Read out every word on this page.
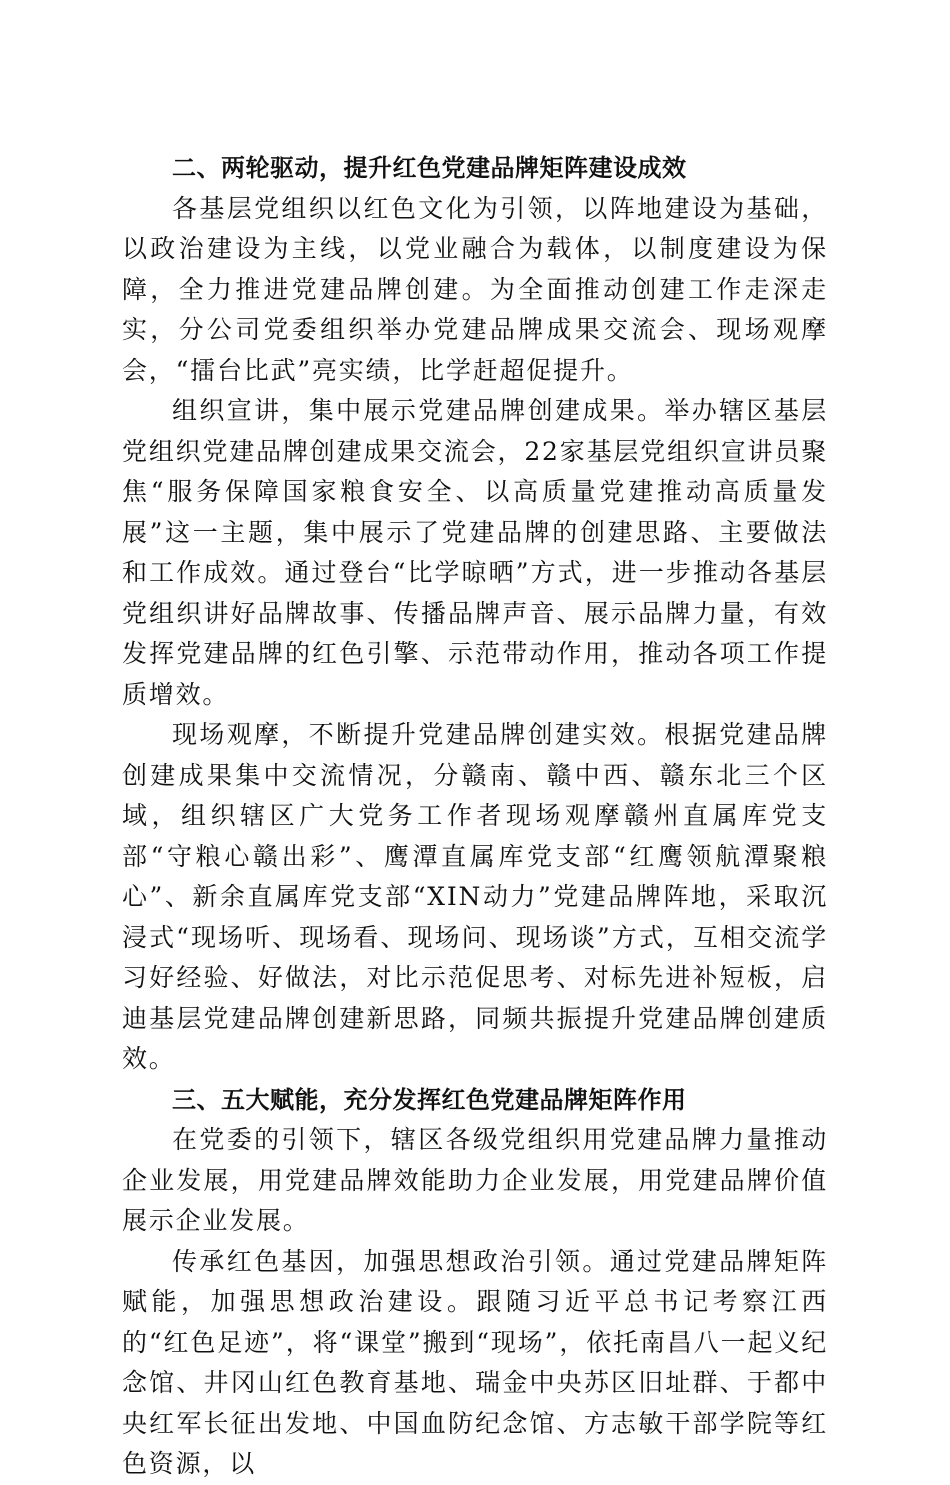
二、两轮驱动，提升红色党建品牌矩阵建设成效

各基层党组织以红色文化为引领，以阵地建设为基础，以政治建设为主线，以党业融合为载体，以制度建设为保障，全力推进党建品牌创建。为全面推动创建工作走深走实，分公司党委组织举办党建品牌成果交流会、现场观摩会，“擂台比武”亮实绩，比学赶超促提升。

组织宣讲，集中展示党建品牌创建成果。举办辖区基层党组织党建品牌创建成果交流会，22家基层党组织宣讲员聚焦“服务保障国家粮食安全、以高质量党建推动高质量发展”这一主题，集中展示了党建品牌的创建思路、主要做法和工作成效。通过登台“比学晾晒”方式，进一步推动各基层党组织讲好品牌故事、传播品牌声音、展示品牌力量，有效发挥党建品牌的红色引擎、示范带动作用，推动各项工作提质增效。

现场观摩，不断提升党建品牌创建实效。根据党建品牌创建成果集中交流情况，分赣南、赣中西、赣东北三个区域，组织辖区广大党务工作者现场观摩赣州直属库党支部“守粮心赣出彩”、鹰潭直属库党支部“红鹰领航潭聚粮心”、新余直属库党支部“XIN动力”党建品牌阵地，采取沉浸式“现场听、现场看、现场问、现场谈”方式，互相交流学习好经验、好做法，对比示范促思考、对标先进补短板，启迪基层党建品牌创建新思路，同频共振提升党建品牌创建质效。

三、五大赋能，充分发挥红色党建品牌矩阵作用

在党委的引领下，辖区各级党组织用党建品牌力量推动企业发展，用党建品牌效能助力企业发展，用党建品牌价值展示企业发展。

传承红色基因，加强思想政治引领。通过党建品牌矩阵赋能，加强思想政治建设。跟随习近平总书记考察江西的“红色足迹”，将“课堂”搬到“现场”，依托南昌八一起义纪念馆、井冈山红色教育基地、瑞金中央苏区旧址群、于都中央红军长征出发地、中国血防纪念馆、方志敏干部学院等红色资源，以
